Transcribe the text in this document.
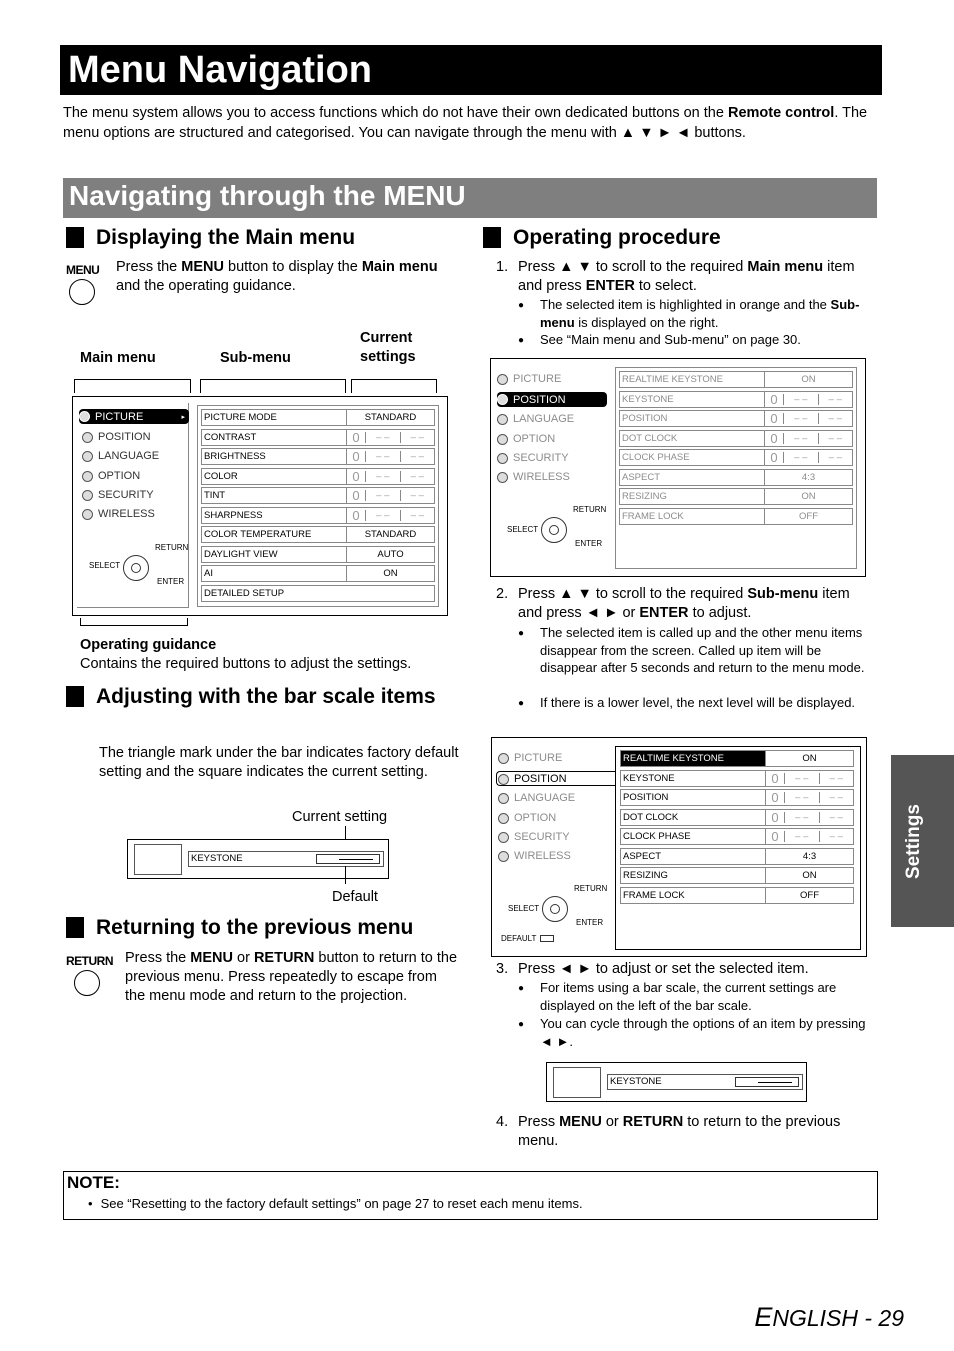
Menu Navigation
The menu system allows you to access functions which do not have their own dedicated buttons on the Remote control. The menu options are structured and categorised. You can navigate through the menu with ▲ ▼ ► ◄ buttons.
Navigating through the MENU
Displaying the Main menu
MENU Press the MENU button to display the Main menu and the operating guidance.
Main menu	Sub-menu
Current settings
PICTURE	▸
POSITION
LANGUAGE
OPTION
SECURITY
WIRELESS
SELECT
RETURN
ENTER
PICTURE MODE	STANDARD
CONTRAST	0	– –	– –
BRIGHTNESS	0	– –	– –
COLOR	0	– –	– –
TINT	0	– –	– –
SHARPNESS	0	– –	– –
COLOR TEMPERATURE	STANDARD
DAYLIGHT VIEW	AUTO
AI	ON
DETAILED SETUP
Operating guidance
Contains the required buttons to adjust the settings.
Adjusting with the bar scale items
The triangle mark under the bar indicates factory default setting and the square indicates the current setting.
Current setting
KEYSTONE
Default
Returning to the previous menu
RETURN Press the MENU or RETURN button to return to the previous menu. Press repeatedly to escape from the menu mode and return to the projection.
Operating procedure
1. Press ▲ ▼ to scroll to the required Main menu item and press ENTER to select.
● The selected item is highlighted in orange and the Sub-menu is displayed on the right.
● See “Main menu and Sub-menu” on page 30.
PICTURE
POSITION
LANGUAGE
OPTION
SECURITY
WIRELESS
SELECT
RETURN
ENTER
REALTIME KEYSTONE	ON
KEYSTONE	0	– –	– –
POSITION	0	– –	– –
DOT CLOCK	0	– –	– –
CLOCK PHASE	0	– –	– –
ASPECT	4:3
RESIZING	ON
FRAME LOCK	OFF
2. Press ▲ ▼ to scroll to the required Sub-menu item and press ◄ ► or ENTER to adjust.
● The selected item is called up and the other menu items disappear from the screen. Called up item will be disappear after 5 seconds and return to the menu mode.
● If there is a lower level, the next level will be displayed.
PICTURE
POSITION
LANGUAGE
OPTION
SECURITY
WIRELESS
SELECT
RETURN
ENTER
DEFAULT
REALTIME KEYSTONE	ON
KEYSTONE	0	– –	– –
POSITION	0	– –	– –
DOT CLOCK	0	– –	– –
CLOCK PHASE	0	– –	– –
ASPECT	4:3
RESIZING	ON
FRAME LOCK	OFF
3. Press ◄ ► to adjust or set the selected item.
● For items using a bar scale, the current settings are displayed on the left of the bar scale.
● You can cycle through the options of an item by pressing ◄ ►.
KEYSTONE
4. Press MENU or RETURN to return to the previous menu.
NOTE:
• See “Resetting to the factory default settings” on page 27 to reset each menu items.
Settings
ENGLISH - 29
